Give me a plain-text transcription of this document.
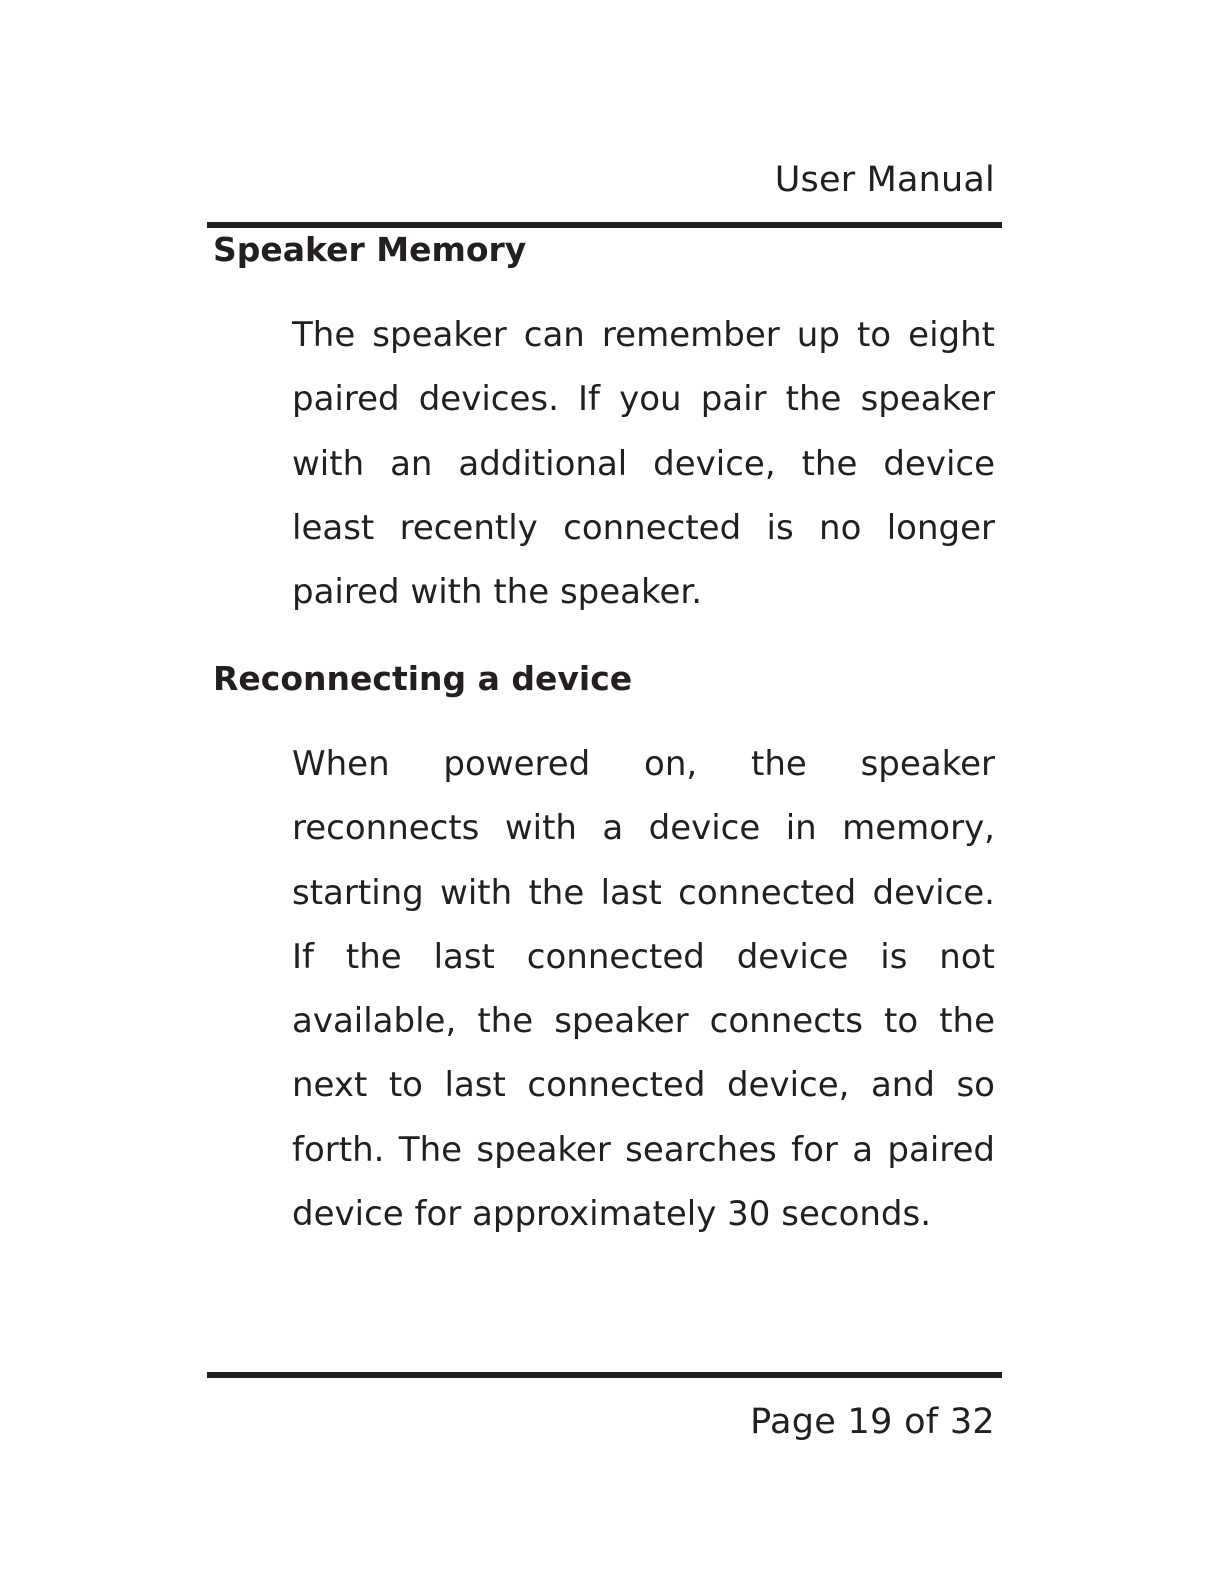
User Manual
Speaker Memory

The speaker can remember up to eight paired devices. If you pair the speaker with an additional device, the device least recently connected is no longer paired with the speaker.

Reconnecting a device

When powered on, the speaker reconnects with a device in memory, starting with the last connected device. If the last connected device is not available, the speaker connects to the next to last connected device, and so forth. The speaker searches for a paired device for approximately 30 seconds.

Page 19 of 32
